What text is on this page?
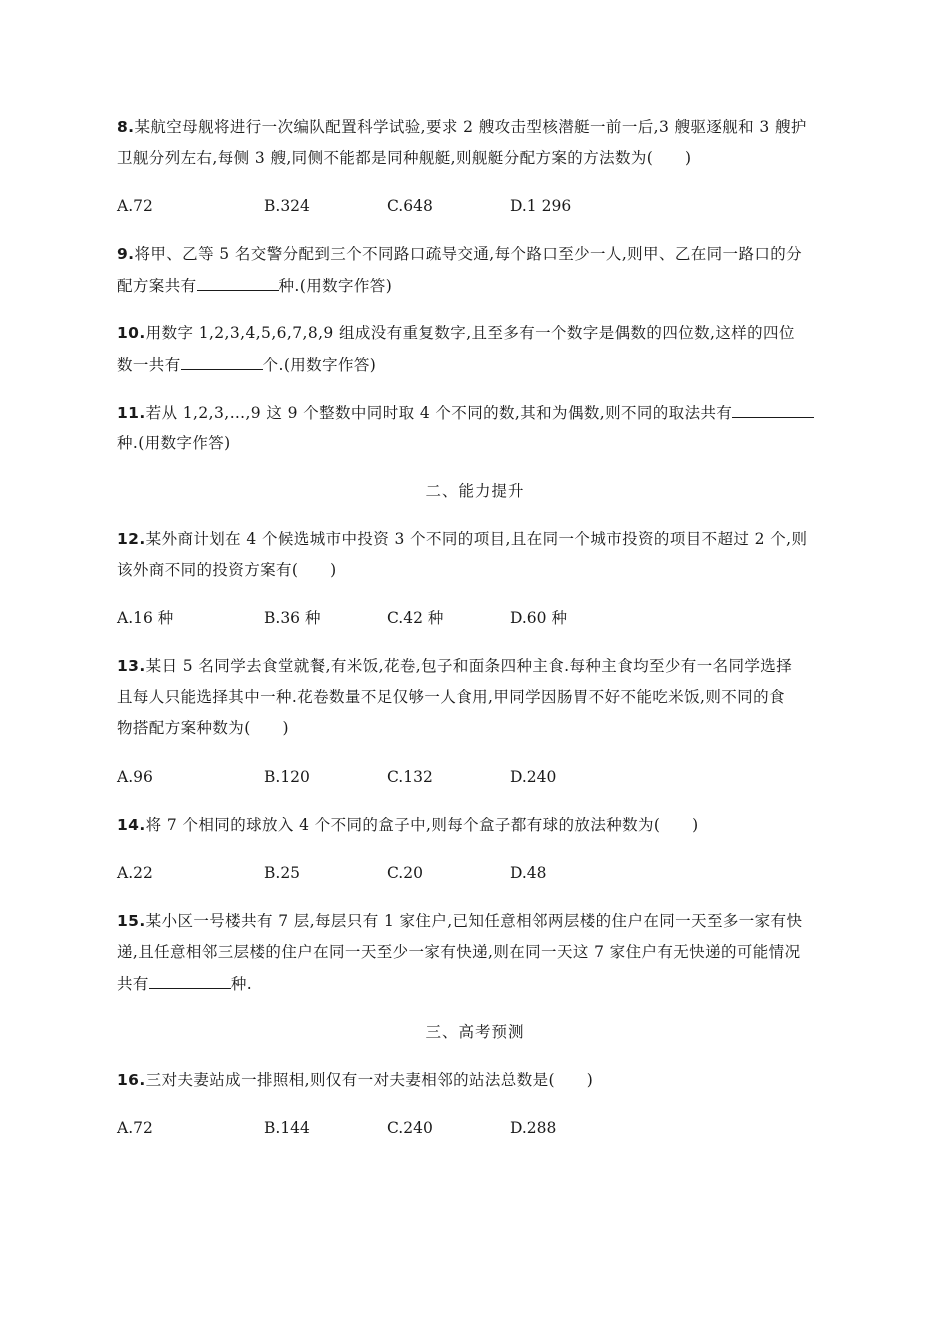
8.某航空母舰将进行一次编队配置科学试验,要求 2 艘攻击型核潜艇一前一后,3 艘驱逐舰和 3 艘护
卫舰分列左右,每侧 3 艘,同侧不能都是同种舰艇,则舰艇分配方案的方法数为(　　)
A.72	B.324	C.648	D.1 296
9.将甲、乙等 5 名交警分配到三个不同路口疏导交通,每个路口至少一人,则甲、乙在同一路口的分
配方案共有	种.(用数字作答)
10.用数字 1,2,3,4,5,6,7,8,9 组成没有重复数字,且至多有一个数字是偶数的四位数,这样的四位
数一共有	个.(用数字作答)
11.若从 1,2,3,…,9 这 9 个整数中同时取 4 个不同的数,其和为偶数,则不同的取法共有
种.(用数字作答)
二、能力提升
12.某外商计划在 4 个候选城市中投资 3 个不同的项目,且在同一个城市投资的项目不超过 2 个,则
该外商不同的投资方案有(　　)
A.16 种	B.36 种	C.42 种	D.60 种
13.某日 5 名同学去食堂就餐,有米饭,花卷,包子和面条四种主食.每种主食均至少有一名同学选择
且每人只能选择其中一种.花卷数量不足仅够一人食用,甲同学因肠胃不好不能吃米饭,则不同的食
物搭配方案种数为(　　)
A.96	B.120	C.132	D.240
14.将 7 个相同的球放入 4 个不同的盒子中,则每个盒子都有球的放法种数为(　　)
A.22	B.25	C.20	D.48
15.某小区一号楼共有 7 层,每层只有 1 家住户,已知任意相邻两层楼的住户在同一天至多一家有快
递,且任意相邻三层楼的住户在同一天至少一家有快递,则在同一天这 7 家住户有无快递的可能情况
共有	种.
三、高考预测
16.三对夫妻站成一排照相,则仅有一对夫妻相邻的站法总数是(　　)
A.72	B.144	C.240	D.288
